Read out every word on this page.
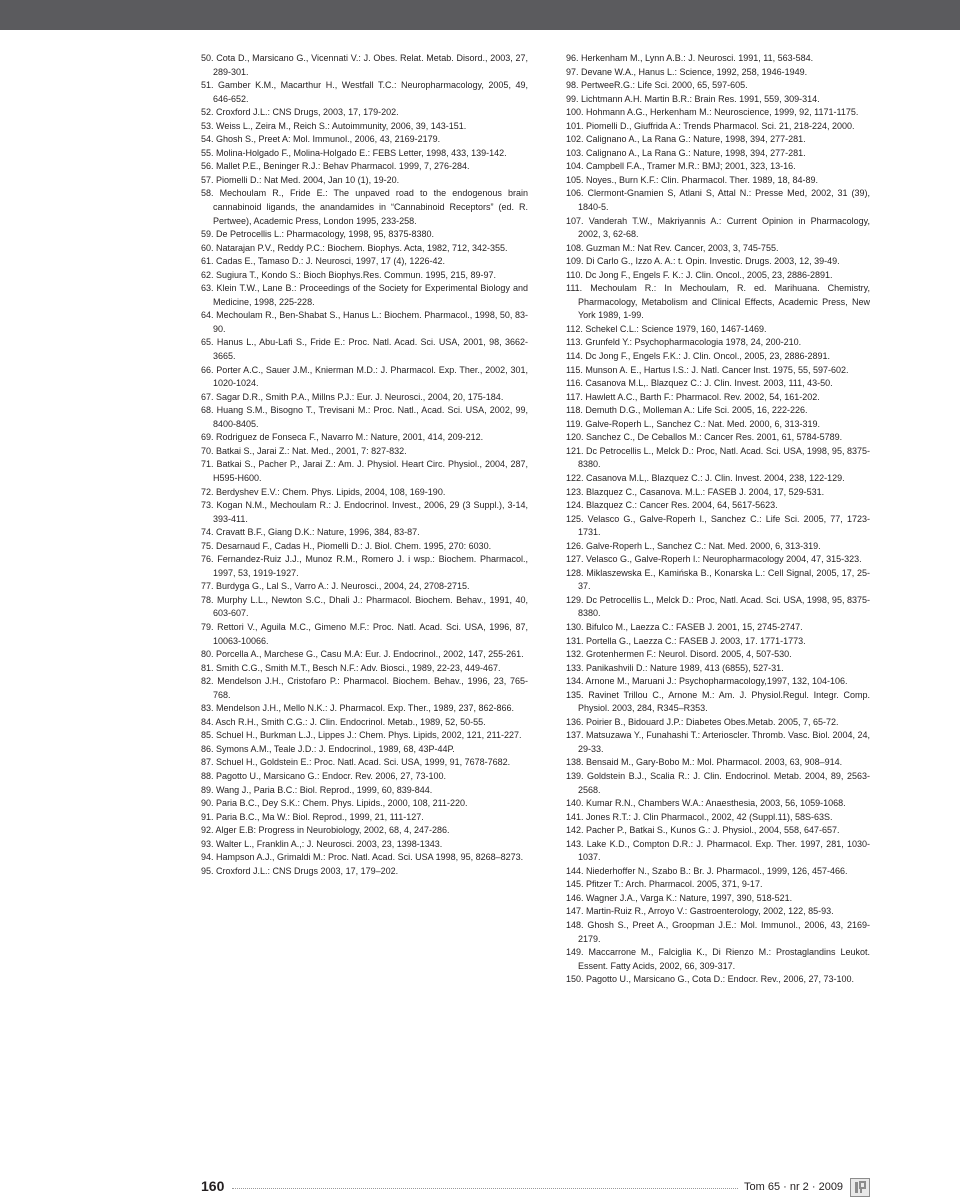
50. Cota D., Marsicano G., Vicennati V.: J. Obes. Relat. Metab. Disord., 2003, 27, 289-301.
51. Gamber K.M., Macarthur H., Westfall T.C.: Neuropharmacology, 2005, 49, 646-652.
52. Croxford J.L.: CNS Drugs, 2003, 17, 179-202.
53. Weiss L., Zeira M., Reich S.: Autoimmunity, 2006, 39, 143-151.
54. Ghosh S., Preet A: Mol. Immunol., 2006, 43, 2169-2179.
55. Molina-Holgado F., Molina-Holgado E.: FEBS Letter, 1998, 433, 139-142.
56. Mallet P.E., Beninger R.J.: Behav Pharmacol. 1999, 7, 276-284.
57. Piomelli D.: Nat Med. 2004, Jan 10 (1), 19-20.
58. Mechoulam R., Fride E.: The unpaved road to the endogenous brain cannabinoid ligands, the anandamides in “Cannabinoid Receptors” (ed. R. Pertwee), Academic Press, London 1995, 233-258.
59. De Petrocellis L.: Pharmacology, 1998, 95, 8375-8380.
60. Natarajan P.V., Reddy P.C.: Biochem. Biophys. Acta, 1982, 712, 342-355.
61. Cadas E., Tamaso D.: J. Neurosci, 1997, 17 (4), 1226-42.
62. Sugiura T., Kondo S.: Bioch Biophys.Res. Commun. 1995, 215, 89-97.
63. Klein T.W., Lane B.: Proceedings of the Society for Experimental Biology and Medicine, 1998, 225-228.
64. Mechoulam R., Ben-Shabat S., Hanus L.: Biochem. Pharmacol., 1998, 50, 83-90.
65. Hanus L., Abu-Lafi S., Fride E.: Proc. Natl. Acad. Sci. USA, 2001, 98, 3662-3665.
66. Porter A.C., Sauer J.M., Knierman M.D.: J. Pharmacol. Exp. Ther., 2002, 301, 1020-1024.
67. Sagar D.R., Smith P.A., Millns P.J.: Eur. J. Neurosci., 2004, 20, 175-184.
68. Huang S.M., Bisogno T., Trevisani M.: Proc. Natl., Acad. Sci. USA, 2002, 99, 8400-8405.
69. Rodriguez de Fonseca F., Navarro M.: Nature, 2001, 414, 209-212.
70. Batkai S., Jarai Z.: Nat. Med., 2001, 7: 827-832.
71. Batkai S., Pacher P., Jarai Z.: Am. J. Physiol. Heart Circ. Physiol., 2004, 287, H595-H600.
72. Berdyshev E.V.: Chem. Phys. Lipids, 2004, 108, 169-190.
73. Kogan N.M., Mechoulam R.: J. Endocrinol. Invest., 2006, 29 (3 Suppl.), 3-14, 393-411.
74. Cravatt B.F., Giang D.K.: Nature, 1996, 384, 83-87.
75. Desarnaud F., Cadas H., Piomelli D.: J. Biol. Chem. 1995, 270: 6030.
76. Fernandez-Ruiz J.J., Munoz R.M., Romero J. i wsp.: Biochem. Pharmacol., 1997, 53, 1919-1927.
77. Burdyga G., Lal S., Varro A.: J. Neurosci., 2004, 24, 2708-2715.
78. Murphy L.L., Newton S.C., Dhali J.: Pharmacol. Biochem. Behav., 1991, 40, 603-607.
79. Rettori V., Aguila M.C., Gimeno M.F.: Proc. Natl. Acad. Sci. USA, 1996, 87, 10063-10066.
80. Porcella A., Marchese G., Casu M.A: Eur. J. Endocrinol., 2002, 147, 255-261.
81. Smith C.G., Smith M.T., Besch N.F.: Adv. Biosci., 1989, 22-23, 449-467.
82. Mendelson J.H., Cristofaro P.: Pharmacol. Biochem. Behav., 1996, 23, 765-768.
83. Mendelson J.H., Mello N.K.: J. Pharmacol. Exp. Ther., 1989, 237, 862-866.
84. Asch R.H., Smith C.G.: J. Clin. Endocrinol. Metab., 1989, 52, 50-55.
85. Schuel H., Burkman L.J., Lippes J.: Chem. Phys. Lipids, 2002, 121, 211-227.
86. Symons A.M., Teale J.D.: J. Endocrinol., 1989, 68, 43P-44P.
87. Schuel H., Goldstein E.: Proc. Natl. Acad. Sci. USA, 1999, 91, 7678-7682.
88. Pagotto U., Marsicano G.: Endocr. Rev. 2006, 27, 73-100.
89. Wang J., Paria B.C.: Biol. Reprod., 1999, 60, 839-844.
90. Paria B.C., Dey S.K.: Chem. Phys. Lipids., 2000, 108, 211-220.
91. Paria B.C., Ma W.: Biol. Reprod., 1999, 21, 111-127.
92. Alger E.B: Progress in Neurobiology, 2002, 68, 4, 247-286.
93. Walter L., Franklin A.,: J. Neurosci. 2003, 23, 1398-1343.
94. Hampson A.J., Grimaldi M.: Proc. Natl. Acad. Sci. USA 1998, 95, 8268–8273.
95. Croxford J.L.: CNS Drugs 2003, 17, 179–202.
96. Herkenham M., Lynn A.B.: J. Neurosci. 1991, 11, 563-584.
97. Devane W.A., Hanus L.: Science, 1992, 258, 1946-1949.
98. PertweeR.G.: Life Sci. 2000, 65, 597-605.
99. Lichtmann A.H. Martin B.R.: Brain Res. 1991, 559, 309-314.
100. Hohmann A.G., Herkenham M.: Neuroscience, 1999, 92, 1171-1175.
101. Piomelli D., Giuffrida A.: Trends Pharmacol. Sci. 21, 218-224, 2000.
102. Calignano A., La Rana G.: Nature, 1998, 394, 277-281.
103. Calignano A., La Rana G.: Nature, 1998, 394, 277-281.
104. Campbell F.A., Tramer M.R.: BMJ; 2001, 323, 13-16.
105. Noyes., Burn K.F.: Clin. Pharmacol. Ther. 1989, 18, 84-89.
106. Clermont-Gnamien S, Atlani S, Attal N.: Presse Med, 2002, 31 (39), 1840-5.
107. Vanderah T.W., Makriyannis A.: Current Opinion in Pharmacology, 2002, 3, 62-68.
108. Guzman M.: Nat Rev. Cancer, 2003, 3, 745-755.
109. Di Carlo G., Izzo A. A.: t. Opin. Investic. Drugs. 2003, 12, 39-49.
110. Dc Jong F., Engels F. K.: J. Clin. Oncol., 2005, 23, 2886-2891.
111. Mechoulam R.: In Mechoulam, R. ed. Marihuana. Chemistry, Pharmacology, Metabolism and Clinical Effects, Academic Press, New York 1989, 1-99.
112. Schekel C.L.: Science 1979, 160, 1467-1469.
113. Grunfeld Y.: Psychopharmacologia 1978, 24, 200-210.
114. Dc Jong F., Engels F.K.: J. Clin. Oncol., 2005, 23, 2886-2891.
115. Munson A. E., Hartus I.S.: J. Natl. Cancer Inst. 1975, 55, 597-602.
116. Casanova M.L,. Blazquez C.: J. Clin. Invest. 2003, 111, 43-50.
117. Hawlett A.C., Barth F.: Pharmacol. Rev. 2002, 54, 161-202.
118. Demuth D.G., Molleman A.: Life Sci. 2005, 16, 222-226.
119. Galve-Roperh L., Sanchez C.: Nat. Med. 2000, 6, 313-319.
120. Sanchez C., De Ceballos M.: Cancer Res. 2001, 61, 5784-5789.
121. Dc Petrocellis L., Melck D.: Proc, Natl. Acad. Sci. USA, 1998, 95, 8375-8380.
122. Casanova M.L,. Blazquez C.: J. Clin. Invest. 2004, 238, 122-129.
123. Blazquez C., Casanova. M.L.: FASEB J. 2004, 17, 529-531.
124. Blazquez C.: Cancer Res. 2004, 64, 5617-5623.
125. Velasco G., Galve-Roperh l., Sanchez C.: Life Sci. 2005, 77, 1723-1731.
126. Galve-Roperh L., Sanchez C.: Nat. Med. 2000, 6, 313-319.
127. Velasco G., Galve-Roperh l.: Neuropharmacology 2004, 47, 315-323.
128. Miklaszewska E., Kamińska B., Konarska L.: Cell Signal, 2005, 17, 25-37.
129. Dc Petrocellis L., Melck D.: Proc, Natl. Acad. Sci. USA, 1998, 95, 8375-8380.
130. Bifulco M., Laezza C.: FASEB J. 2001, 15, 2745-2747.
131. Portella G., Laezza C.: FASEB J. 2003, 17. 1771-1773.
132. Grotenhermen F.: Neurol. Disord. 2005, 4, 507-530.
133. Panikashvili D.: Nature 1989, 413 (6855), 527-31.
134. Arnone M., Maruani J.: Psychopharmacology,1997, 132, 104-106.
135. Ravinet Trillou C., Arnone M.: Am. J. Physiol.Regul. Integr. Comp. Physiol. 2003, 284, R345–R353.
136. Poirier B., Bidouard J.P.: Diabetes Obes.Metab. 2005, 7, 65-72.
137. Matsuzawa Y., Funahashi T.: Arterioscler. Thromb. Vasc. Biol. 2004, 24, 29-33.
138. Bensaid M., Gary-Bobo M.: Mol. Pharmacol. 2003, 63, 908–914.
139. Goldstein B.J., Scalia R.: J. Clin. Endocrinol. Metab. 2004, 89, 2563-2568.
140. Kumar R.N., Chambers W.A.: Anaesthesia, 2003, 56, 1059-1068.
141. Jones R.T.: J. Clin Pharmacol., 2002, 42 (Suppl.11), 58S-63S.
142. Pacher P., Batkai S., Kunos G.: J. Physiol., 2004, 558, 647-657.
143. Lake K.D., Compton D.R.: J. Pharmacol. Exp. Ther. 1997, 281, 1030-1037.
144. Niederhoffer N., Szabo B.: Br. J. Pharmacol., 1999, 126, 457-466.
145. Pfitzer T.: Arch. Pharmacol. 2005, 371, 9-17.
146. Wagner J.A., Varga K.: Nature, 1997, 390, 518-521.
147. Martin-Ruiz R., Arroyo V.: Gastroenterology, 2002, 122, 85-93.
148. Ghosh S., Preet A., Groopman J.E.: Mol. Immunol., 2006, 43, 2169-2179.
149. Maccarrone M., Falciglia K., Di Rienzo M.: Prostaglandins Leukot. Essent. Fatty Acids, 2002, 66, 309-317.
150. Pagotto U., Marsicano G., Cota D.: Endocr. Rev., 2006, 27, 73-100.
160	Tom 65 · nr 2 · 2009
